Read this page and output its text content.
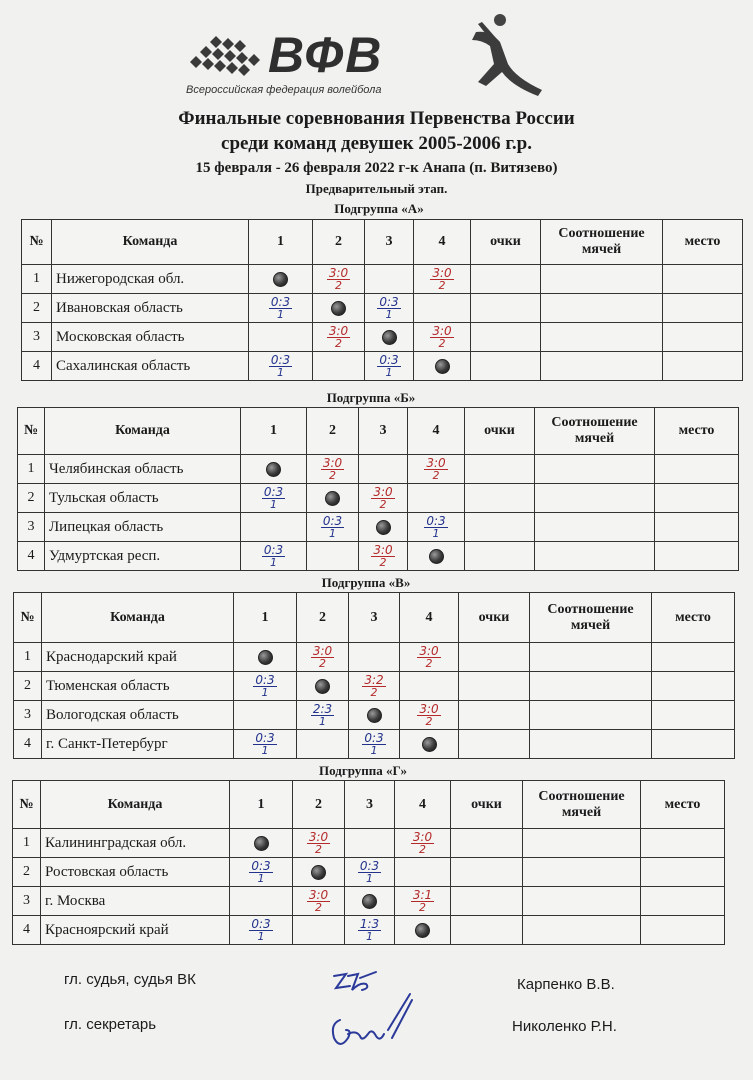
ВФВ
Всероссийская федерация волейбола
Финальные соревнования Первенства России
среди команд девушек 2005-2006 г.р.
15 февраля - 26 февраля 2022 г-к Анапа (п. Витязево)
Предварительный этап.
Подгруппа «А»
№	Команда	1	2	3	4	очки	Соотношение мячей	место
1	Нижегородская обл.		$\frac{3:0}{2}$		$\frac{3:0}{2}$

2	Ивановская область	$\frac{0:3}{1}$		$\frac{0:3}{1}$

3	Московская область		$\frac{3:0}{2}$		$\frac{3:0}{2}$

4	Сахалинская область	$\frac{0:3}{1}$		$\frac{0:3}{1}$

Подгруппа «Б»
№	Команда	1	2	3	4	очки	Соотношение мячей	место
1	Челябинская область		$\frac{3:0}{2}$		$\frac{3:0}{2}$

2	Тульская область	$\frac{0:3}{1}$		$\frac{3:0}{2}$

3	Липецкая область		$\frac{0:3}{1}$		$\frac{0:3}{1}$

4	Удмуртская респ.	$\frac{0:3}{1}$		$\frac{3:0}{2}$

Подгруппа «В»
№	Команда	1	2	3	4	очки	Соотношение мячей	место
1	Краснодарский край		$\frac{3:0}{2}$		$\frac{3:0}{2}$

2	Тюменская область	$\frac{0:3}{1}$		$\frac{3:2}{2}$

3	Вологодская область		$\frac{2:3}{1}$		$\frac{3:0}{2}$

4	г. Санкт-Петербург	$\frac{0:3}{1}$		$\frac{0:3}{1}$

Подгруппа «Г»
№	Команда	1	2	3	4	очки	Соотношение мячей	место
1	Калининградская обл.		$\frac{3:0}{2}$		$\frac{3:0}{2}$

2	Ростовская область	$\frac{0:3}{1}$		$\frac{0:3}{1}$

3	г. Москва		$\frac{3:0}{2}$		$\frac{3:1}{2}$

4	Красноярский край	$\frac{0:3}{1}$		$\frac{1:3}{1}$

гл. судья, судья ВК	Карпенко В.В.
гл. секретарь	Николенко Р.Н.
